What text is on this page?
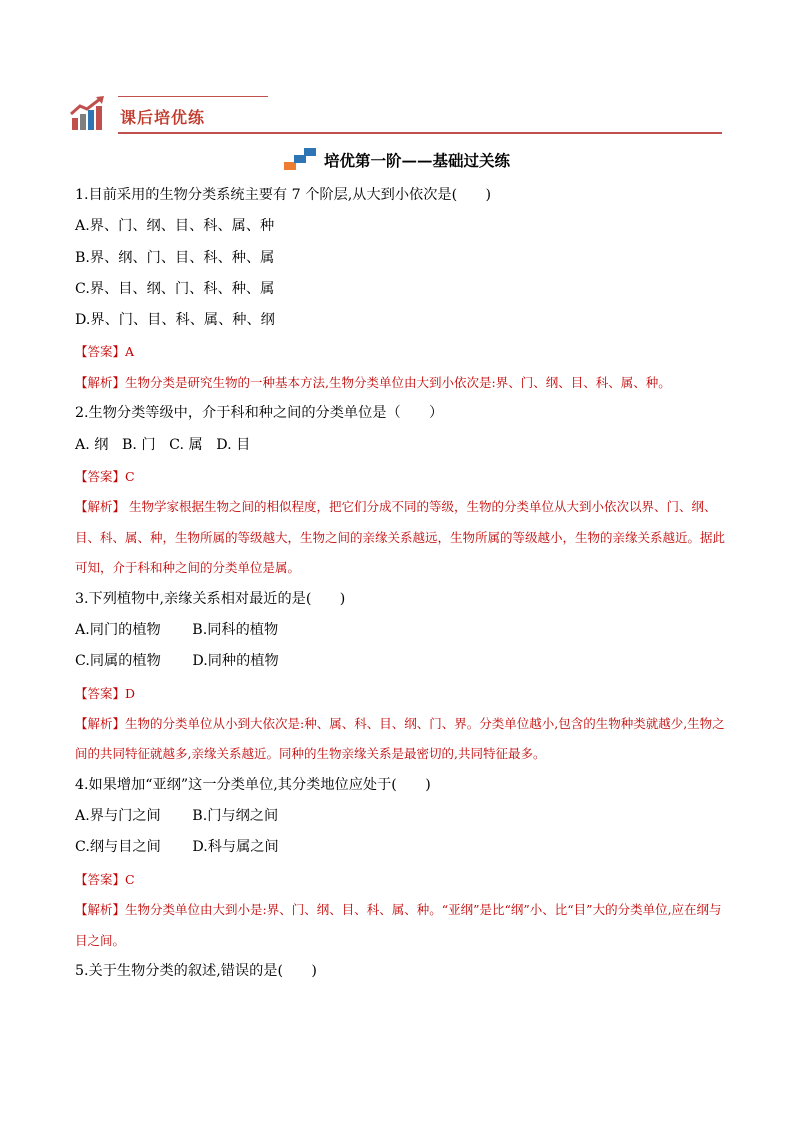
课后培优练
培优第一阶——基础过关练
1.目前采用的生物分类系统主要有 7 个阶层,从大到小依次是(　　)
A.界、门、纲、目、科、属、种
B.界、纲、门、目、科、种、属
C.界、目、纲、门、科、种、属
D.界、门、目、科、属、种、纲
【答案】A
【解析】生物分类是研究生物的一种基本方法,生物分类单位由大到小依次是:界、门、纲、目、科、属、种。
2.生物分类等级中，介于科和种之间的分类单位是（　　）
A. 纲   B. 门   C. 属   D. 目
【答案】C
【解析】 生物学家根据生物之间的相似程度，把它们分成不同的等级，生物的分类单位从大到小依次以界、门、纲、目、科、属、种，生物所属的等级越大，生物之间的亲缘关系越远，生物所属的等级越小，生物的亲缘关系越近。据此可知，介于科和种之间的分类单位是属。
3.下列植物中,亲缘关系相对最近的是(　　)
A.同门的植物       B.同科的植物
C.同属的植物       D.同种的植物
【答案】D
【解析】生物的分类单位从小到大依次是:种、属、科、目、纲、门、界。分类单位越小,包含的生物种类就越少,生物之间的共同特征就越多,亲缘关系越近。同种的生物亲缘关系是最密切的,共同特征最多。
4.如果增加“亚纲”这一分类单位,其分类地位应处于(　　)
A.界与门之间       B.门与纲之间
C.纲与目之间       D.科与属之间
【答案】C
【解析】生物分类单位由大到小是:界、门、纲、目、科、属、种。“亚纲”是比“纲”小、比“目”大的分类单位,应在纲与目之间。
5.关于生物分类的叙述,错误的是(　　)
